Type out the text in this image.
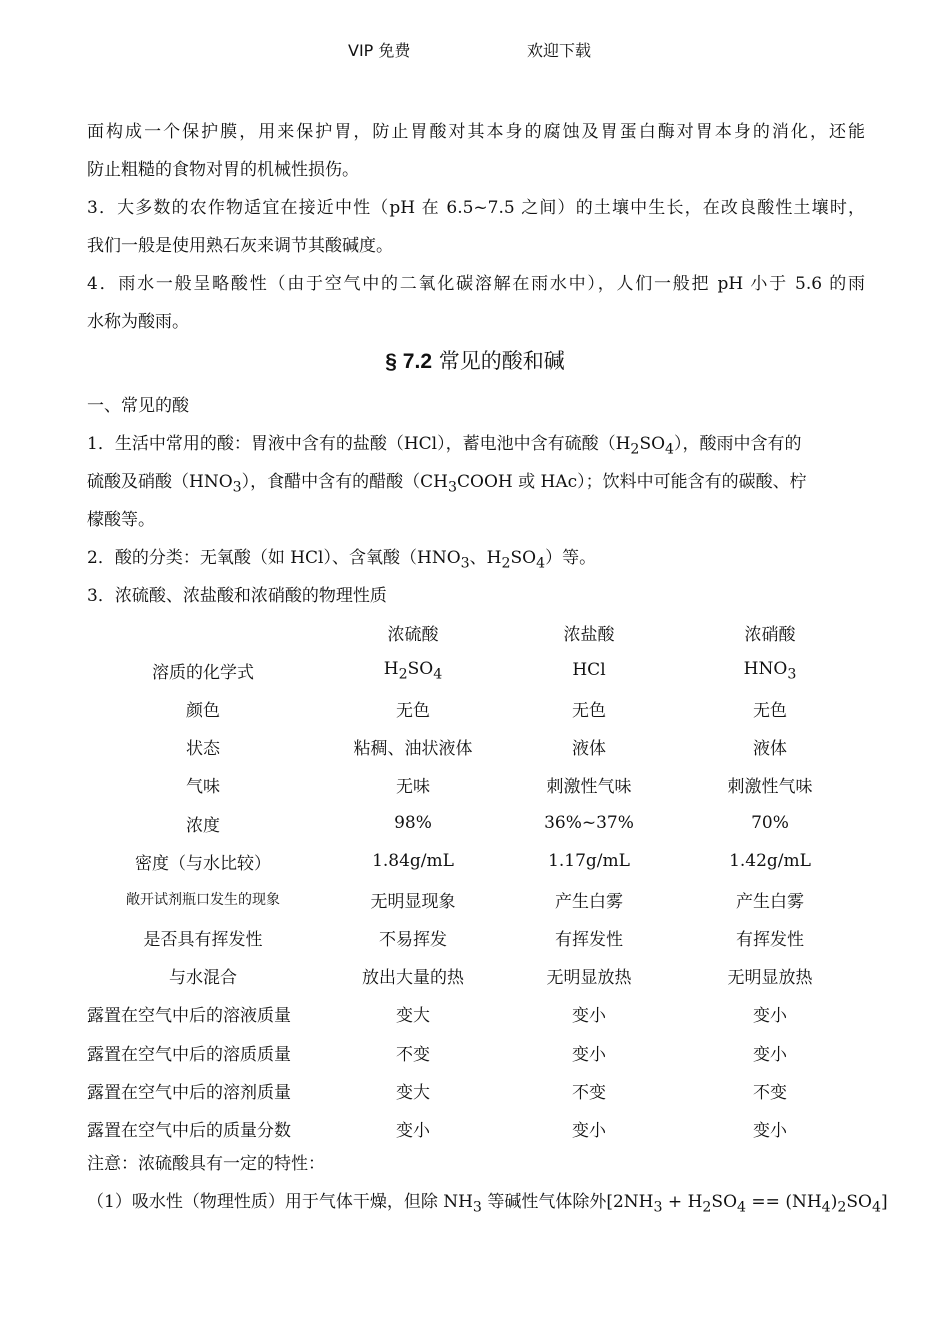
VIP 免费	欢迎下载
面构成一个保护膜，用来保护胃，防止胃酸对其本身的腐蚀及胃蛋白酶对胃本身的消化，还能
防止粗糙的食物对胃的机械性损伤。
3．大多数的农作物适宜在接近中性（pH 在 6.5~7.5 之间）的土壤中生长，在改良酸性土壤时，
我们一般是使用熟石灰来调节其酸碱度。
4．雨水一般呈略酸性（由于空气中的二氧化碳溶解在雨水中），人们一般把 pH 小于 5.6 的雨
水称为酸雨。
§ 7.2 常见的酸和碱
一、常见的酸
1．生活中常用的酸：胃液中含有的盐酸（HCl），蓄电池中含有硫酸$(H_2SO_4)$，酸雨中含有的
硫酸及硝酸$(HNO_3)$，食醋中含有的醋酸（$CH_3COOH$ 或 HAc）；饮料中可能含有的碳酸、柠
檬酸等。
2．酸的分类：无氧酸（如 HCl）、含氧酸（$HNO_3$、$H_2SO_4$）等。
3．浓硫酸、浓盐酸和浓硝酸的物理性质
	浓硫酸	浓盐酸	浓硝酸
溶质的化学式	$H_2SO_4$	HCl	$HNO_3$
颜色	无色	无色	无色
状态	粘稠、油状液体	液体	液体
气味	无味	刺激性气味	刺激性气味
浓度	98%	36%~37%	70%
密度（与水比较）	1.84g/mL	1.17g/mL	1.42g/mL
敞开试剂瓶口发生的现象	无明显现象	产生白雾	产生白雾
是否具有挥发性	不易挥发	有挥发性	有挥发性
与水混合	放出大量的热	无明显放热	无明显放热
露置在空气中后的溶液质量	变大	变小	变小
露置在空气中后的溶质质量	不变	变小	变小
露置在空气中后的溶剂质量	变大	不变	不变
露置在空气中后的质量分数	变小	变小	变小
注意：浓硫酸具有一定的特性：
（1）吸水性（物理性质）用于气体干燥，但除 $NH_3$ 等碱性气体除外$[2NH_3 + H_2SO_4 == (NH_4)_2SO_4]$
